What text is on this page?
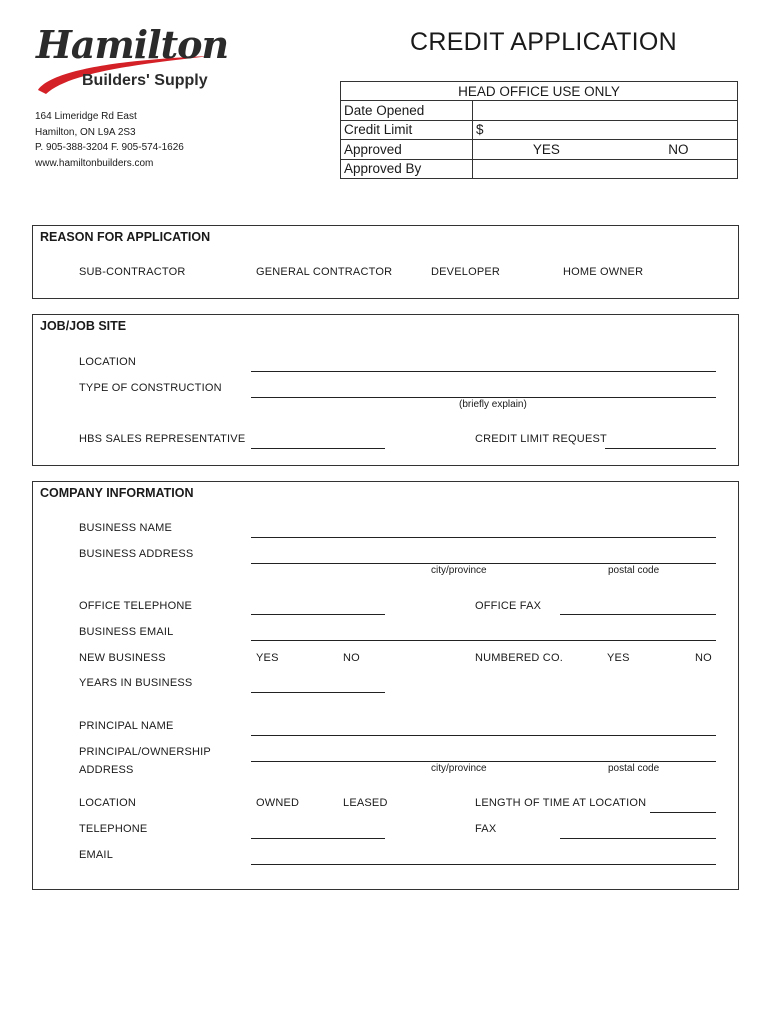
Hamilton
Builders' Supply
164 Limeridge Rd East
Hamilton, ON L9A 2S3
P. 905-388-3204 F. 905-574-1626
www.hamiltonbuilders.com
CREDIT APPLICATION
HEAD OFFICE USE ONLY		
Date Opened		
Credit Limit	$	
Approved	YES	NO
Approved By		
REASON FOR APPLICATION
SUB-CONTRACTOR	GENERAL CONTRACTOR	DEVELOPER	HOME OWNER
JOB/JOB SITE
LOCATION
TYPE OF CONSTRUCTION
(briefly explain)
HBS SALES REPRESENTATIVE	CREDIT LIMIT REQUEST
COMPANY INFORMATION
BUSINESS NAME
BUSINESS ADDRESS
city/province	postal code
OFFICE TELEPHONE	OFFICE FAX
BUSINESS EMAIL
NEW BUSINESS	YES	NO	NUMBERED CO.	YES	NO
YEARS IN BUSINESS
PRINCIPAL NAME
PRINCIPAL/OWNERSHIP
ADDRESS	city/province	postal code
LOCATION	OWNED	LEASED	LENGTH OF TIME AT LOCATION
TELEPHONE	FAX
EMAIL
